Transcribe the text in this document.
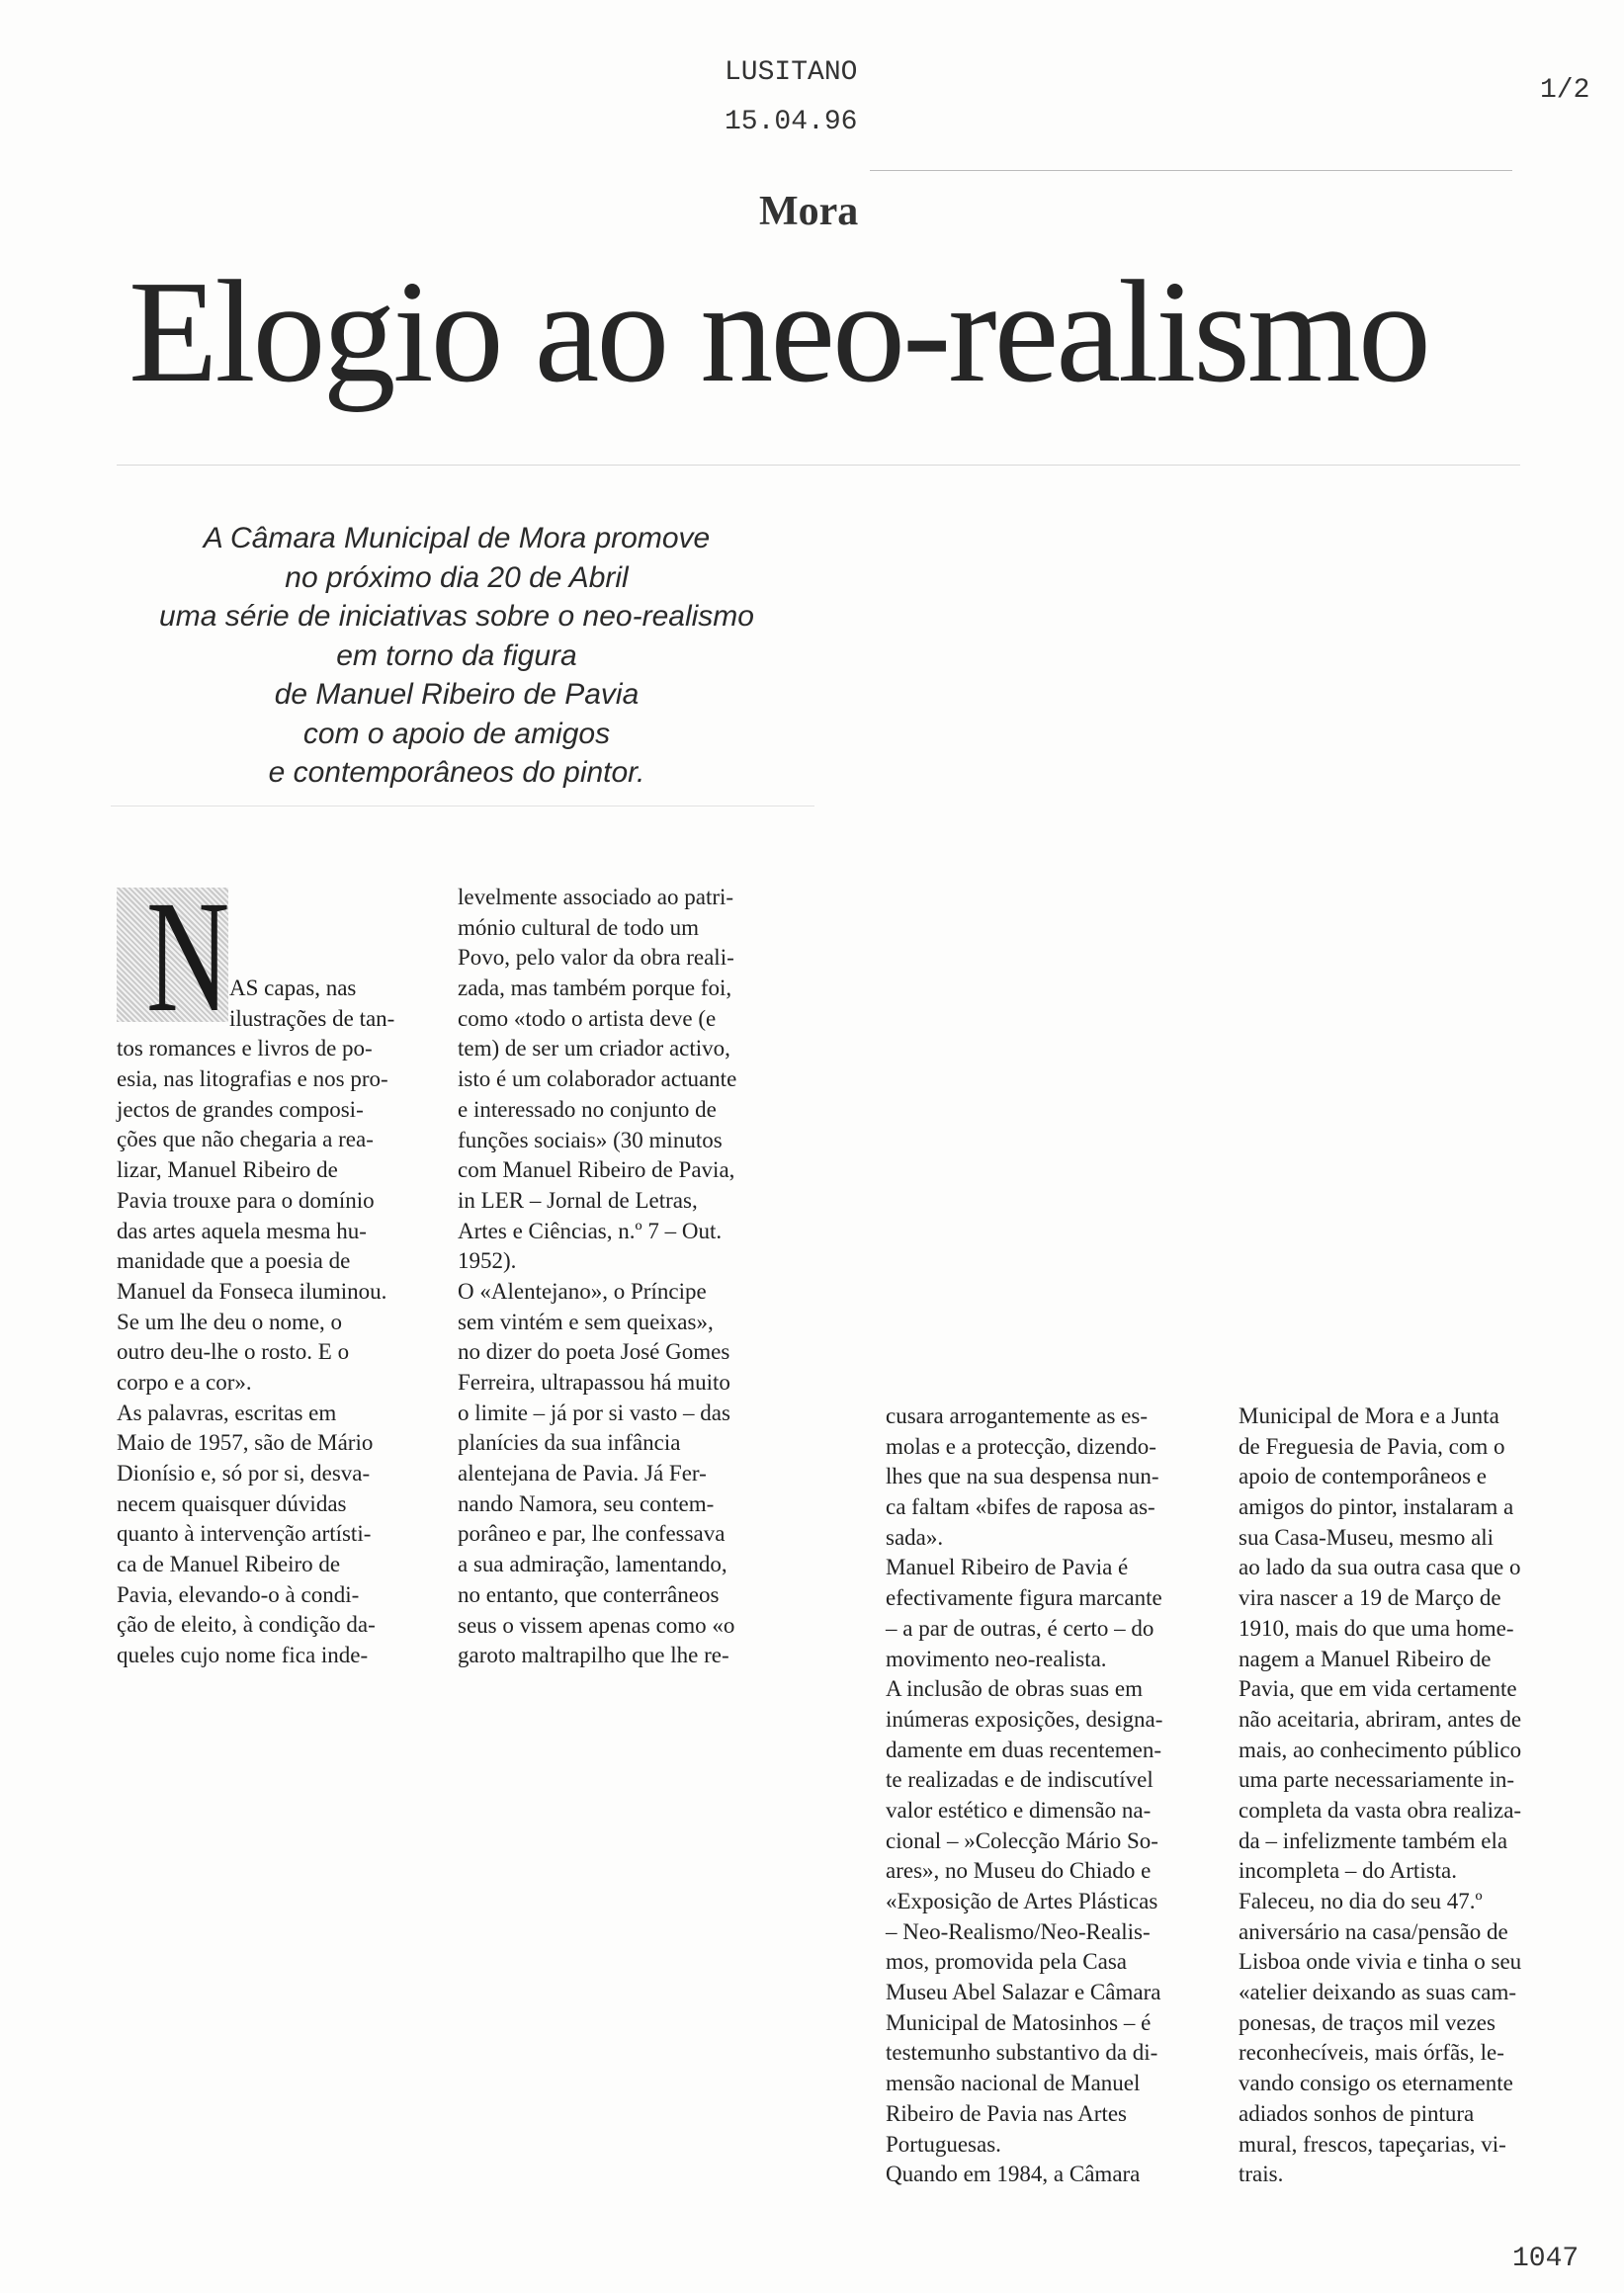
LUSITANO
15.04.96
1/2
Mora
Elogio ao neo-realismo
A Câmara Municipal de Mora promove
no próximo dia 20 de Abril
uma série de iniciativas sobre o neo-realismo
em torno da figura
de Manuel Ribeiro de Pavia
com o apoio de amigos
e contemporâneos do pintor.
N AS capas, nas
ilustrações de tan-
tos romances e livros de po-
esia, nas litografias e nos pro-
jectos de grandes composi-
ções que não chegaria a rea-
lizar, Manuel Ribeiro de
Pavia trouxe para o domínio
das artes aquela mesma hu-
manidade que a poesia de
Manuel da Fonseca iluminou.
Se um lhe deu o nome, o
outro deu-lhe o rosto. E o
corpo e a cor».
As palavras, escritas em
Maio de 1957, são de Mário
Dionísio e, só por si, desva-
necem quaisquer dúvidas
quanto à intervenção artísti-
ca de Manuel Ribeiro de
Pavia, elevando-o à condi-
ção de eleito, à condição da-
queles cujo nome fica inde-
levelmente associado ao patri-
mónio cultural de todo um
Povo, pelo valor da obra reali-
zada, mas também porque foi,
como «todo o artista deve (e
tem) de ser um criador activo,
isto é um colaborador actuante
e interessado no conjunto de
funções sociais» (30 minutos
com Manuel Ribeiro de Pavia,
in LER – Jornal de Letras,
Artes e Ciências, n.º 7 – Out.
1952).
O «Alentejano», o Príncipe
sem vintém e sem queixas»,
no dizer do poeta José Gomes
Ferreira, ultrapassou há muito
o limite – já por si vasto – das
planícies da sua infância
alentejana de Pavia. Já Fer-
nando Namora, seu contem-
porâneo e par, lhe confessava
a sua admiração, lamentando,
no entanto, que conterrâneos
seus o vissem apenas como «o
garoto maltrapilho que lhe re-
cusara arrogantemente as es-
molas e a protecção, dizendo-
lhes que na sua despensa nun-
ca faltam «bifes de raposa as-
sada».
Manuel Ribeiro de Pavia é
efectivamente figura marcante
– a par de outras, é certo – do
movimento neo-realista.
A inclusão de obras suas em
inúmeras exposições, designa-
damente em duas recentemen-
te realizadas e de indiscutível
valor estético e dimensão na-
cional – »Colecção Mário So-
ares», no Museu do Chiado e
«Exposição de Artes Plásticas
– Neo-Realismo/Neo-Realis-
mos, promovida pela Casa
Museu Abel Salazar e Câmara
Municipal de Matosinhos – é
testemunho substantivo da di-
mensão nacional de Manuel
Ribeiro de Pavia nas Artes
Portuguesas.
Quando em 1984, a Câmara
Municipal de Mora e a Junta
de Freguesia de Pavia, com o
apoio de contemporâneos e
amigos do pintor, instalaram a
sua Casa-Museu, mesmo ali
ao lado da sua outra casa que o
vira nascer a 19 de Março de
1910, mais do que uma home-
nagem a Manuel Ribeiro de
Pavia, que em vida certamente
não aceitaria, abriram, antes de
mais, ao conhecimento público
uma parte necessariamente in-
completa da vasta obra realiza-
da – infelizmente também ela
incompleta – do Artista.
Faleceu, no dia do seu 47.º
aniversário na casa/pensão de
Lisboa onde vivia e tinha o seu
«atelier deixando as suas cam-
ponesas, de traços mil vezes
reconhecíveis, mais órfãs, le-
vando consigo os eternamente
adiados sonhos de pintura
mural, frescos, tapeçarias, vi-
trais.
1047
